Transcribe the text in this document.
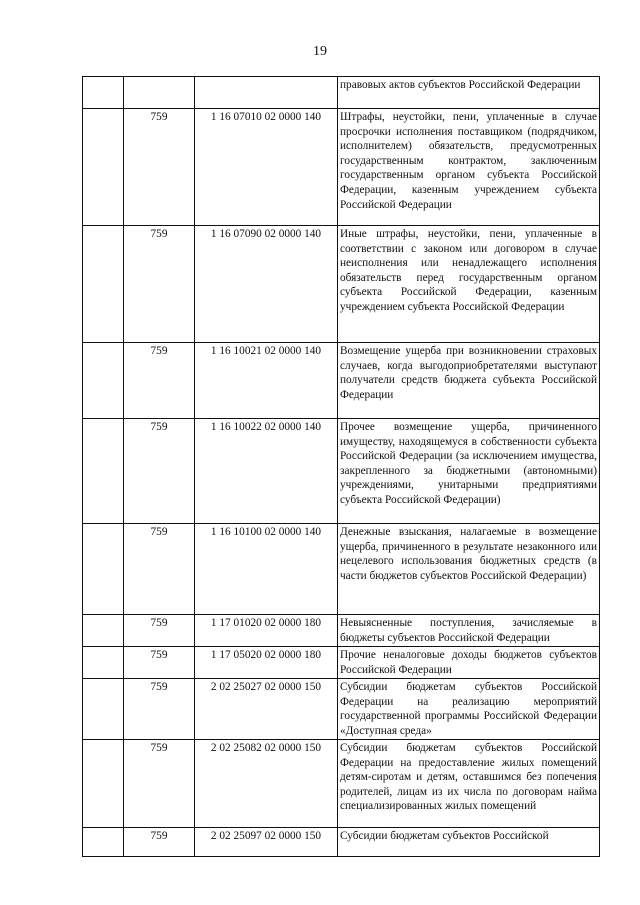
19
			правовых актов субъектов Российской Федерации
	759	1 16 07010 02 0000 140	Штрафы, неустойки, пени, уплаченные в случае просрочки исполнения поставщиком (подрядчиком, исполнителем) обязательств, предусмотренных государственным контрактом, заключенным государственным органом субъекта Российской Федерации, казенным учреждением субъекта Российской Федерации
	759	1 16 07090 02 0000 140	Иные штрафы, неустойки, пени, уплаченные в соответствии с законом или договором в случае неисполнения или ненадлежащего исполнения обязательств перед государственным органом субъекта Российской Федерации, казенным учреждением субъекта Российской Федерации
	759	1 16 10021 02 0000 140	Возмещение ущерба при возникновении страховых случаев, когда выгодоприобретателями выступают получатели средств бюджета субъекта Российской Федерации
	759	1 16 10022 02 0000 140	Прочее возмещение ущерба, причиненного имуществу, находящемуся в собственности субъекта Российской Федерации (за исключением имущества, закрепленного за бюджетными (автономными) учреждениями, унитарными предприятиями субъекта Российской Федерации)
	759	1 16 10100 02 0000 140	Денежные взыскания, налагаемые в возмещение ущерба, причиненного в результате незаконного или нецелевого использования бюджетных средств (в части бюджетов субъектов Российской Федерации)
	759	1 17 01020 02 0000 180	Невыясненные поступления, зачисляемые в бюджеты субъектов Российской Федерации
	759	1 17 05020 02 0000 180	Прочие неналоговые доходы бюджетов субъектов Российской Федерации
	759	2 02 25027 02 0000 150	Субсидии бюджетам субъектов Российской Федерации на реализацию мероприятий государственной программы Российской Федерации «Доступная среда»
	759	2 02 25082 02 0000 150	Субсидии бюджетам субъектов Российской Федерации на предоставление жилых помещений детям-сиротам и детям, оставшимся без попечения родителей, лицам из их числа по договорам найма специализированных жилых помещений
	759	2 02 25097 02 0000 150	Субсидии бюджетам субъектов Российской
